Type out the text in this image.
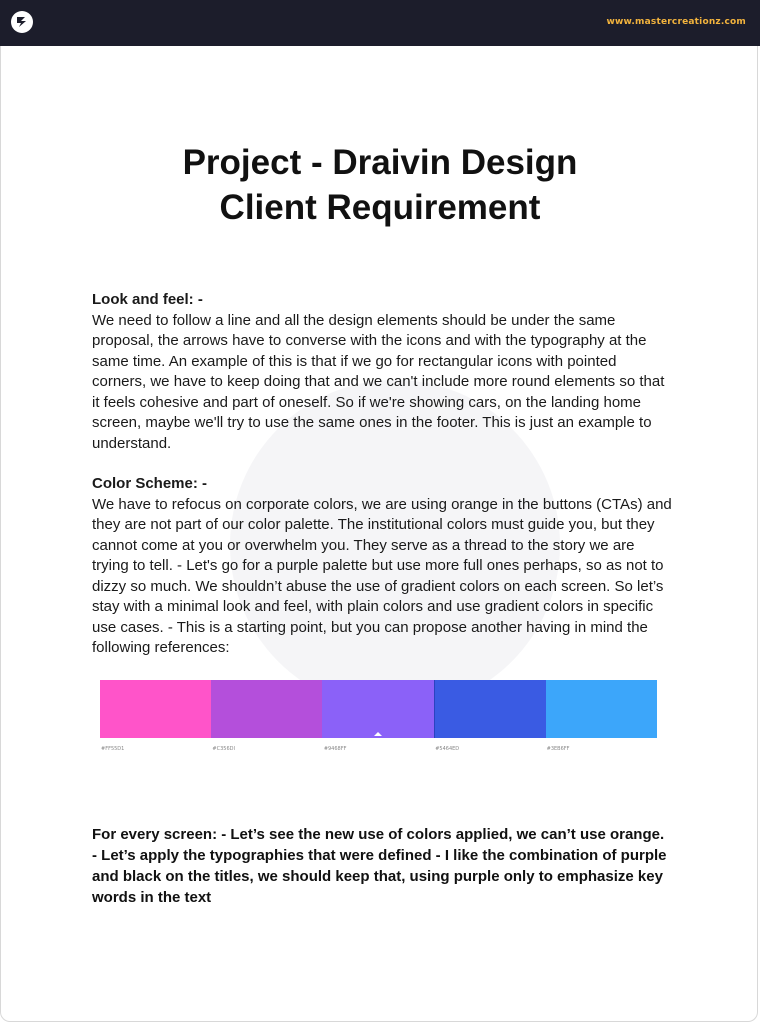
www.mastercreationz.com
Project - Draivin Design
Client Requirement
Look and feel: -

We need to follow a line and all the design elements should be under the same proposal, the arrows have to converse with the icons and with the typography at the same time. An example of this is that if we go for rectangular icons with pointed corners, we have to keep doing that and we can't include more round elements so that it feels cohesive and part of oneself. So if we're showing cars, on the landing home screen, maybe we'll try to use the same ones in the footer. This is just an example to understand.

Color Scheme: -

We have to refocus on corporate colors, we are using orange in the buttons (CTAs) and they are not part of our color palette. The institutional colors must guide you, but they cannot come at you or overwhelm you. They serve as a thread to the story we are trying to tell. - Let's go for a purple palette but use more full ones perhaps, so as not to dizzy so much. We shouldn’t abuse the use of gradient colors on each screen. So let’s stay with a minimal look and feel, with plain colors and use gradient colors in specific use cases. - This is a starting point, but you can propose another having in mind the following references:

#FF55D1	#C356DI	#9468FF	#5464ED	#3EB6FF
For every screen: - Let’s see the new use of colors applied, we can’t use orange. - Let’s apply the typographies that were defined - I like the combination of purple and black on the titles, we should keep that, using purple only to emphasize key words in the text
